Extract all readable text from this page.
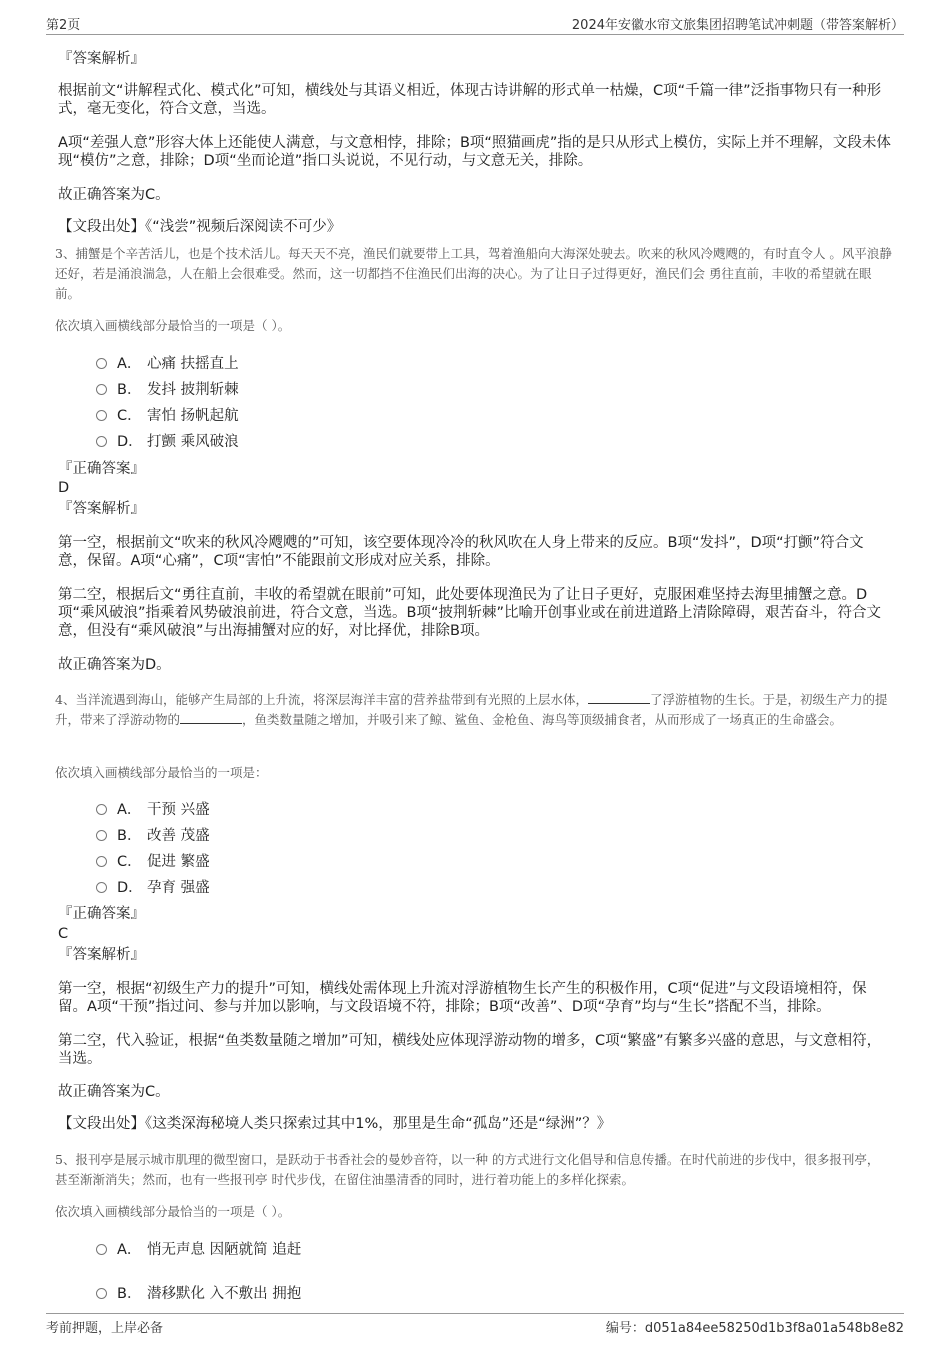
第2页	2024年安徽水帘文旅集团招聘笔试冲刺题（带答案解析）
『答案解析』
根据前文“讲解程式化、模式化”可知，横线处与其语义相近，体现古诗讲解的形式单一枯燥，C项“千篇一律”泛指事物只有一种形式，毫无变化，符合文意，当选。
A项“差强人意”形容大体上还能使人满意，与文意相悖，排除；B项“照猫画虎”指的是只从形式上模仿，实际上并不理解，文段未体现“模仿”之意，排除；D项“坐而论道”指口头说说，不见行动，与文意无关，排除。
故正确答案为C。
【文段出处】《“浅尝”视频后深阅读不可少》
3、捕蟹是个辛苦活儿，也是个技术活儿。每天天不亮，渔民们就要带上工具，驾着渔船向大海深处驶去。吹来的秋风冷飕飕的，有时直令人 。风平浪静还好，若是涌浪湍急，人在船上会很难受。然而，这一切都挡不住渔民们出海的决心。为了让日子过得更好，渔民们会 勇往直前，丰收的希望就在眼前。
依次填入画横线部分最恰当的一项是（ ）。
A． 心痛 扶摇直上
B． 发抖 披荆斩棘
C． 害怕 扬帆起航
D． 打颤 乘风破浪
『正确答案』
D
『答案解析』
第一空，根据前文“吹来的秋风冷飕飕的”可知，该空要体现冷冷的秋风吹在人身上带来的反应。B项“发抖”，D项“打颤”符合文意，保留。A项“心痛”，C项“害怕”不能跟前文形成对应关系，排除。
第二空，根据后文“勇往直前，丰收的希望就在眼前”可知，此处要体现渔民为了让日子更好，克服困难坚持去海里捕蟹之意。D项“乘风破浪”指乘着风势破浪前进，符合文意，当选。B项“披荆斩棘”比喻开创事业或在前进道路上清除障碍，艰苦奋斗，符合文意，但没有“乘风破浪”与出海捕蟹对应的好，对比择优，排除B项。
故正确答案为D。
4、当洋流遇到海山，能够产生局部的上升流，将深层海洋丰富的营养盐带到有光照的上层水体，	了浮游植物的生长。于是，初级生产力的提升，带来了浮游动物的	，鱼类数量随之增加，并吸引来了鲸、鲨鱼、金枪鱼、海鸟等顶级捕食者，从而形成了一场真正的生命盛会。
依次填入画横线部分最恰当的一项是：
A． 干预 兴盛
B． 改善 茂盛
C． 促进 繁盛
D． 孕育 强盛
『正确答案』
C
『答案解析』
第一空，根据“初级生产力的提升”可知，横线处需体现上升流对浮游植物生长产生的积极作用，C项“促进”与文段语境相符，保留。A项“干预”指过问、参与并加以影响，与文段语境不符，排除；B项“改善”、D项“孕育”均与“生长”搭配不当，排除。
第二空，代入验证，根据“鱼类数量随之增加”可知，横线处应体现浮游动物的增多，C项“繁盛”有繁多兴盛的意思，与文意相符，当选。
故正确答案为C。
【文段出处】《这类深海秘境人类只探索过其中1%，那里是生命“孤岛”还是“绿洲”？》
5、报刊亭是展示城市肌理的微型窗口，是跃动于书香社会的曼妙音符，以一种 的方式进行文化倡导和信息传播。在时代前进的步伐中，很多报刊亭， 甚至渐渐消失；然而，也有一些报刊亭 时代步伐，在留住油墨清香的同时，进行着功能上的多样化探索。
依次填入画横线部分最恰当的一项是（ ）。
A． 悄无声息 因陋就简 追赶
B． 潜移默化 入不敷出 拥抱
考前押题，上岸必备	编号：d051a84ee58250d1b3f8a01a548b8e82
